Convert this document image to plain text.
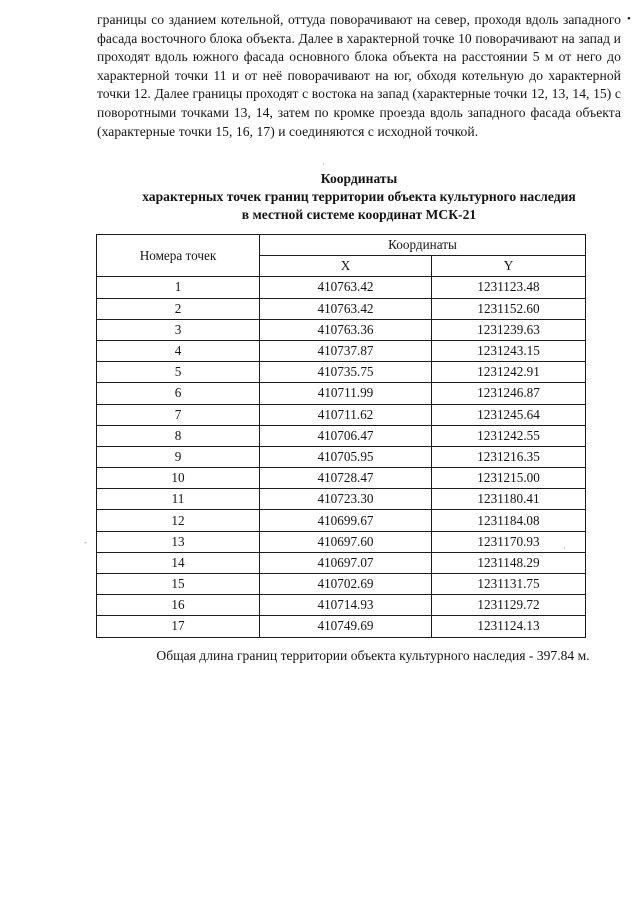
границы со зданием котельной, оттуда поворачивают на север, проходя вдоль западного фасада восточного блока объекта. Далее в характерной точке 10 поворачивают на запад и проходят вдоль южного фасада основного блока объекта на расстоянии 5 м от него до характерной точки 11 и от неё поворачивают на юг, обходя котельную до характерной точки 12. Далее границы проходят с востока на запад (характерные точки 12, 13, 14, 15) с поворотными точками 13, 14, затем по кромке проезда вдоль западного фасада объекта (характерные точки 15, 16, 17) и соединяются с исходной точкой.

•
Координаты
характерных точек границ территории объекта культурного наследия
в местной системе координат МСК-21
Номера точек	Координаты	
	X	Y
1	410763.42	1231123.48
2	410763.42	1231152.60
3	410763.36	1231239.63
4	410737.87	1231243.15
5	410735.75	1231242.91
6	410711.99	1231246.87
7	410711.62	1231245.64
8	410706.47	1231242.55
9	410705.95	1231216.35
10	410728.47	1231215.00
11	410723.30	1231180.41
12	410699.67	1231184.08
13	410697.60	1231170.93
14	410697.07	1231148.29
15	410702.69	1231131.75
16	410714.93	1231129.72
17	410749.69	1231124.13
Общая длина границ территории объекта культурного наследия - 397.84 м.
·
-
·
